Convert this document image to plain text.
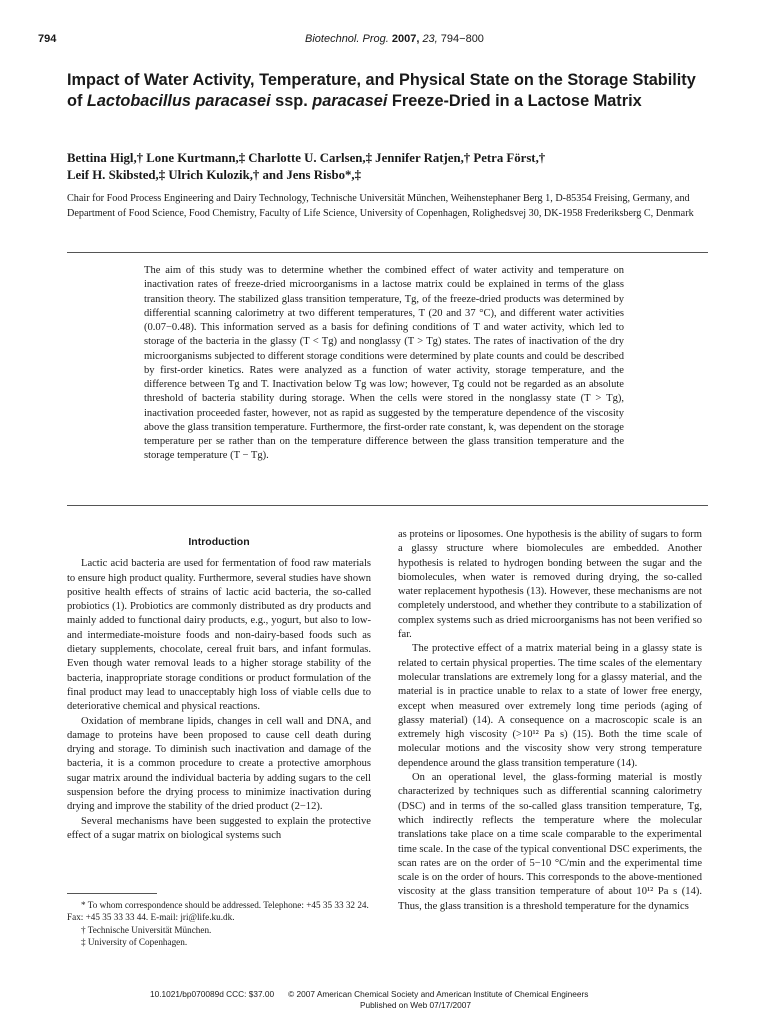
794	Biotechnol. Prog. 2007, 23, 794−800
Impact of Water Activity, Temperature, and Physical State on the Storage Stability of Lactobacillus paracasei ssp. paracasei Freeze-Dried in a Lactose Matrix
Bettina Higl,† Lone Kurtmann,‡ Charlotte U. Carlsen,‡ Jennifer Ratjen,† Petra Först,†
Leif H. Skibsted,‡ Ulrich Kulozik,† and Jens Risbo*,‡
Chair for Food Process Engineering and Dairy Technology, Technische Universität München, Weihenstephaner Berg 1, D-85354 Freising, Germany, and Department of Food Science, Food Chemistry, Faculty of Life Science, University of Copenhagen, Rolighedsvej 30, DK-1958 Frederiksberg C, Denmark
The aim of this study was to determine whether the combined effect of water activity and temperature on inactivation rates of freeze-dried microorganisms in a lactose matrix could be explained in terms of the glass transition theory. The stabilized glass transition temperature, Tg, of the freeze-dried products was determined by differential scanning calorimetry at two different temperatures, T (20 and 37 °C), and different water activities (0.07−0.48). This information served as a basis for defining conditions of T and water activity, which led to storage of the bacteria in the glassy (T < Tg) and nonglassy (T > Tg) states. The rates of inactivation of the dry microorganisms subjected to different storage conditions were determined by plate counts and could be described by first-order kinetics. Rates were analyzed as a function of water activity, storage temperature, and the difference between Tg and T. Inactivation below Tg was low; however, Tg could not be regarded as an absolute threshold of bacteria stability during storage. When the cells were stored in the nonglassy state (T > Tg), inactivation proceeded faster, however, not as rapid as suggested by the temperature dependence of the viscosity above the glass transition temperature. Furthermore, the first-order rate constant, k, was dependent on the storage temperature per se rather than on the temperature difference between the glass transition temperature and the storage temperature (T − Tg).

Introduction

Lactic acid bacteria are used for fermentation of food raw materials to ensure high product quality. Furthermore, several studies have shown positive health effects of strains of lactic acid bacteria, the so-called probiotics (1). Probiotics are commonly distributed as dry products and mainly added to functional dairy products, e.g., yogurt, but also to low- and intermediate-moisture foods and non-dairy-based foods such as dietary supplements, chocolate, cereal fruit bars, and infant formulas. Even though water removal leads to a higher storage stability of the bacteria, inappropriate storage conditions or product formulation of the final product may lead to unacceptably high loss of viable cells due to deteriorative chemical and physical reactions.

Oxidation of membrane lipids, changes in cell wall and DNA, and damage to proteins have been proposed to cause cell death during drying and storage. To diminish such inactivation and damage of the bacteria, it is a common procedure to create a protective amorphous sugar matrix around the individual bacteria by adding sugars to the cell suspension before the drying process to minimize inactivation during drying and improve the stability of the dried product (2−12).

Several mechanisms have been suggested to explain the protective effect of a sugar matrix on biological systems such

as proteins or liposomes. One hypothesis is the ability of sugars to form a glassy structure where biomolecules are embedded. Another hypothesis is related to hydrogen bonding between the sugar and the biomolecules, when water is removed during drying, the so-called water replacement hypothesis (13). However, these mechanisms are not completely understood, and whether they contribute to a stabilization of complex systems such as dried microorganisms has not been verified so far.

The protective effect of a matrix material being in a glassy state is related to certain physical properties. The time scales of the elementary molecular translations are extremely long for a glassy material, and the material is in practice unable to relax to a state of lower free energy, except when measured over extremely long time periods (aging of glassy material) (14). A consequence on a macroscopic scale is an extremely high viscosity (>10¹² Pa s) (15). Both the time scale of molecular motions and the viscosity show very strong temperature dependence around the glass transition temperature (14).

On an operational level, the glass-forming material is mostly characterized by techniques such as differential scanning calorimetry (DSC) and in terms of the so-called glass transition temperature, Tg, which indirectly reflects the temperature where the molecular translations take place on a time scale comparable to the experimental time scale. In the case of the typical conventional DSC experiments, the scan rates are on the order of 5−10 °C/min and the experimental time scale is on the order of hours. This corresponds to the above-mentioned viscosity at the glass transition temperature of about 10¹² Pa s (14). Thus, the glass transition is a threshold temperature for the dynamics

* To whom correspondence should be addressed. Telephone: +45 35 33 32 24. Fax: +45 35 33 33 44. E-mail: jri@life.ku.dk.

† Technische Universität München.

‡ University of Copenhagen.

10.1021/bp070089d CCC: $37.00 © 2007 American Chemical Society and American Institute of Chemical Engineers
Published on Web 07/17/2007
